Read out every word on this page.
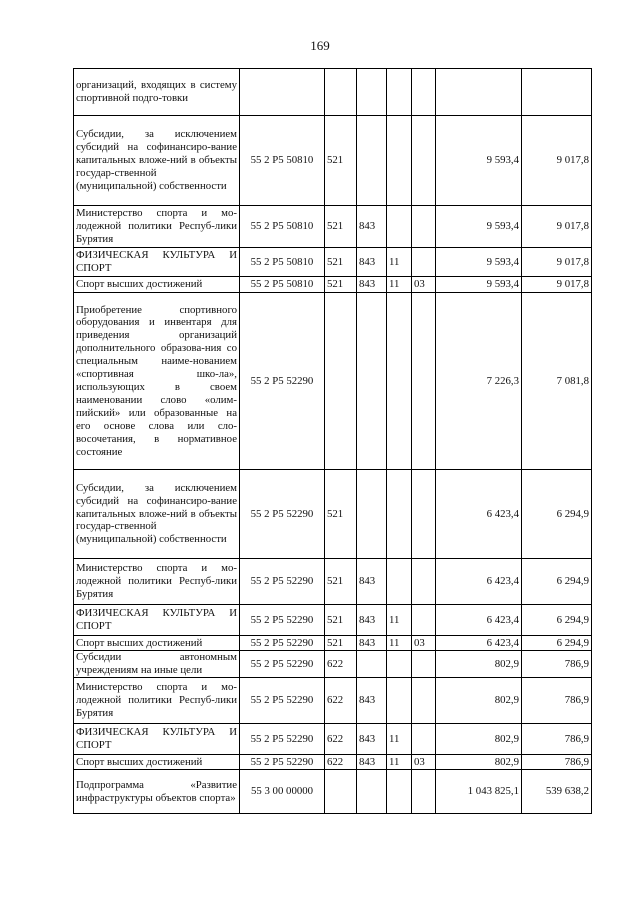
169
организаций, входящих в систему спортивной подго-товки							
Субсидии, за исключением субсидий на софинансиро-вание капитальных вложе-ний в объекты государ-ственной (муниципальной) собственности	55 2 Р5 50810	521				9 593,4	9 017,8
Министерство спорта и мо-лодежной политики Респуб-лики Бурятия	55 2 Р5 50810	521	843			9 593,4	9 017,8
ФИЗИЧЕСКАЯ КУЛЬТУРА И СПОРТ	55 2 Р5 50810	521	843	11		9 593,4	9 017,8
Спорт высших достижений	55 2 Р5 50810	521	843	11	03	9 593,4	9 017,8
Приобретение спортивного оборудования и инвентаря для приведения организаций дополнительного образова-ния со специальным наиме-нованием «спортивная шко-ла», использующих в своем наименовании слово «олим-пийский» или образованные на его основе слова или сло-восочетания, в нормативное состояние	55 2 Р5 52290					7 226,3	7 081,8
Субсидии, за исключением субсидий на софинансиро-вание капитальных вложе-ний в объекты государ-ственной (муниципальной) собственности	55 2 Р5 52290	521				6 423,4	6 294,9
Министерство спорта и мо-лодежной политики Респуб-лики Бурятия	55 2 Р5 52290	521	843			6 423,4	6 294,9
ФИЗИЧЕСКАЯ КУЛЬТУРА И СПОРТ	55 2 Р5 52290	521	843	11		6 423,4	6 294,9
Спорт высших достижений	55 2 Р5 52290	521	843	11	03	6 423,4	6 294,9
Субсидии автономным учреждениям на иные цели	55 2 Р5 52290	622				802,9	786,9
Министерство спорта и мо-лодежной политики Респуб-лики Бурятия	55 2 Р5 52290	622	843			802,9	786,9
ФИЗИЧЕСКАЯ КУЛЬТУРА И СПОРТ	55 2 Р5 52290	622	843	11		802,9	786,9
Спорт высших достижений	55 2 Р5 52290	622	843	11	03	802,9	786,9
Подпрограмма «Развитие инфраструктуры объектов спорта»	55 3 00 00000					1 043 825,1	539 638,2
